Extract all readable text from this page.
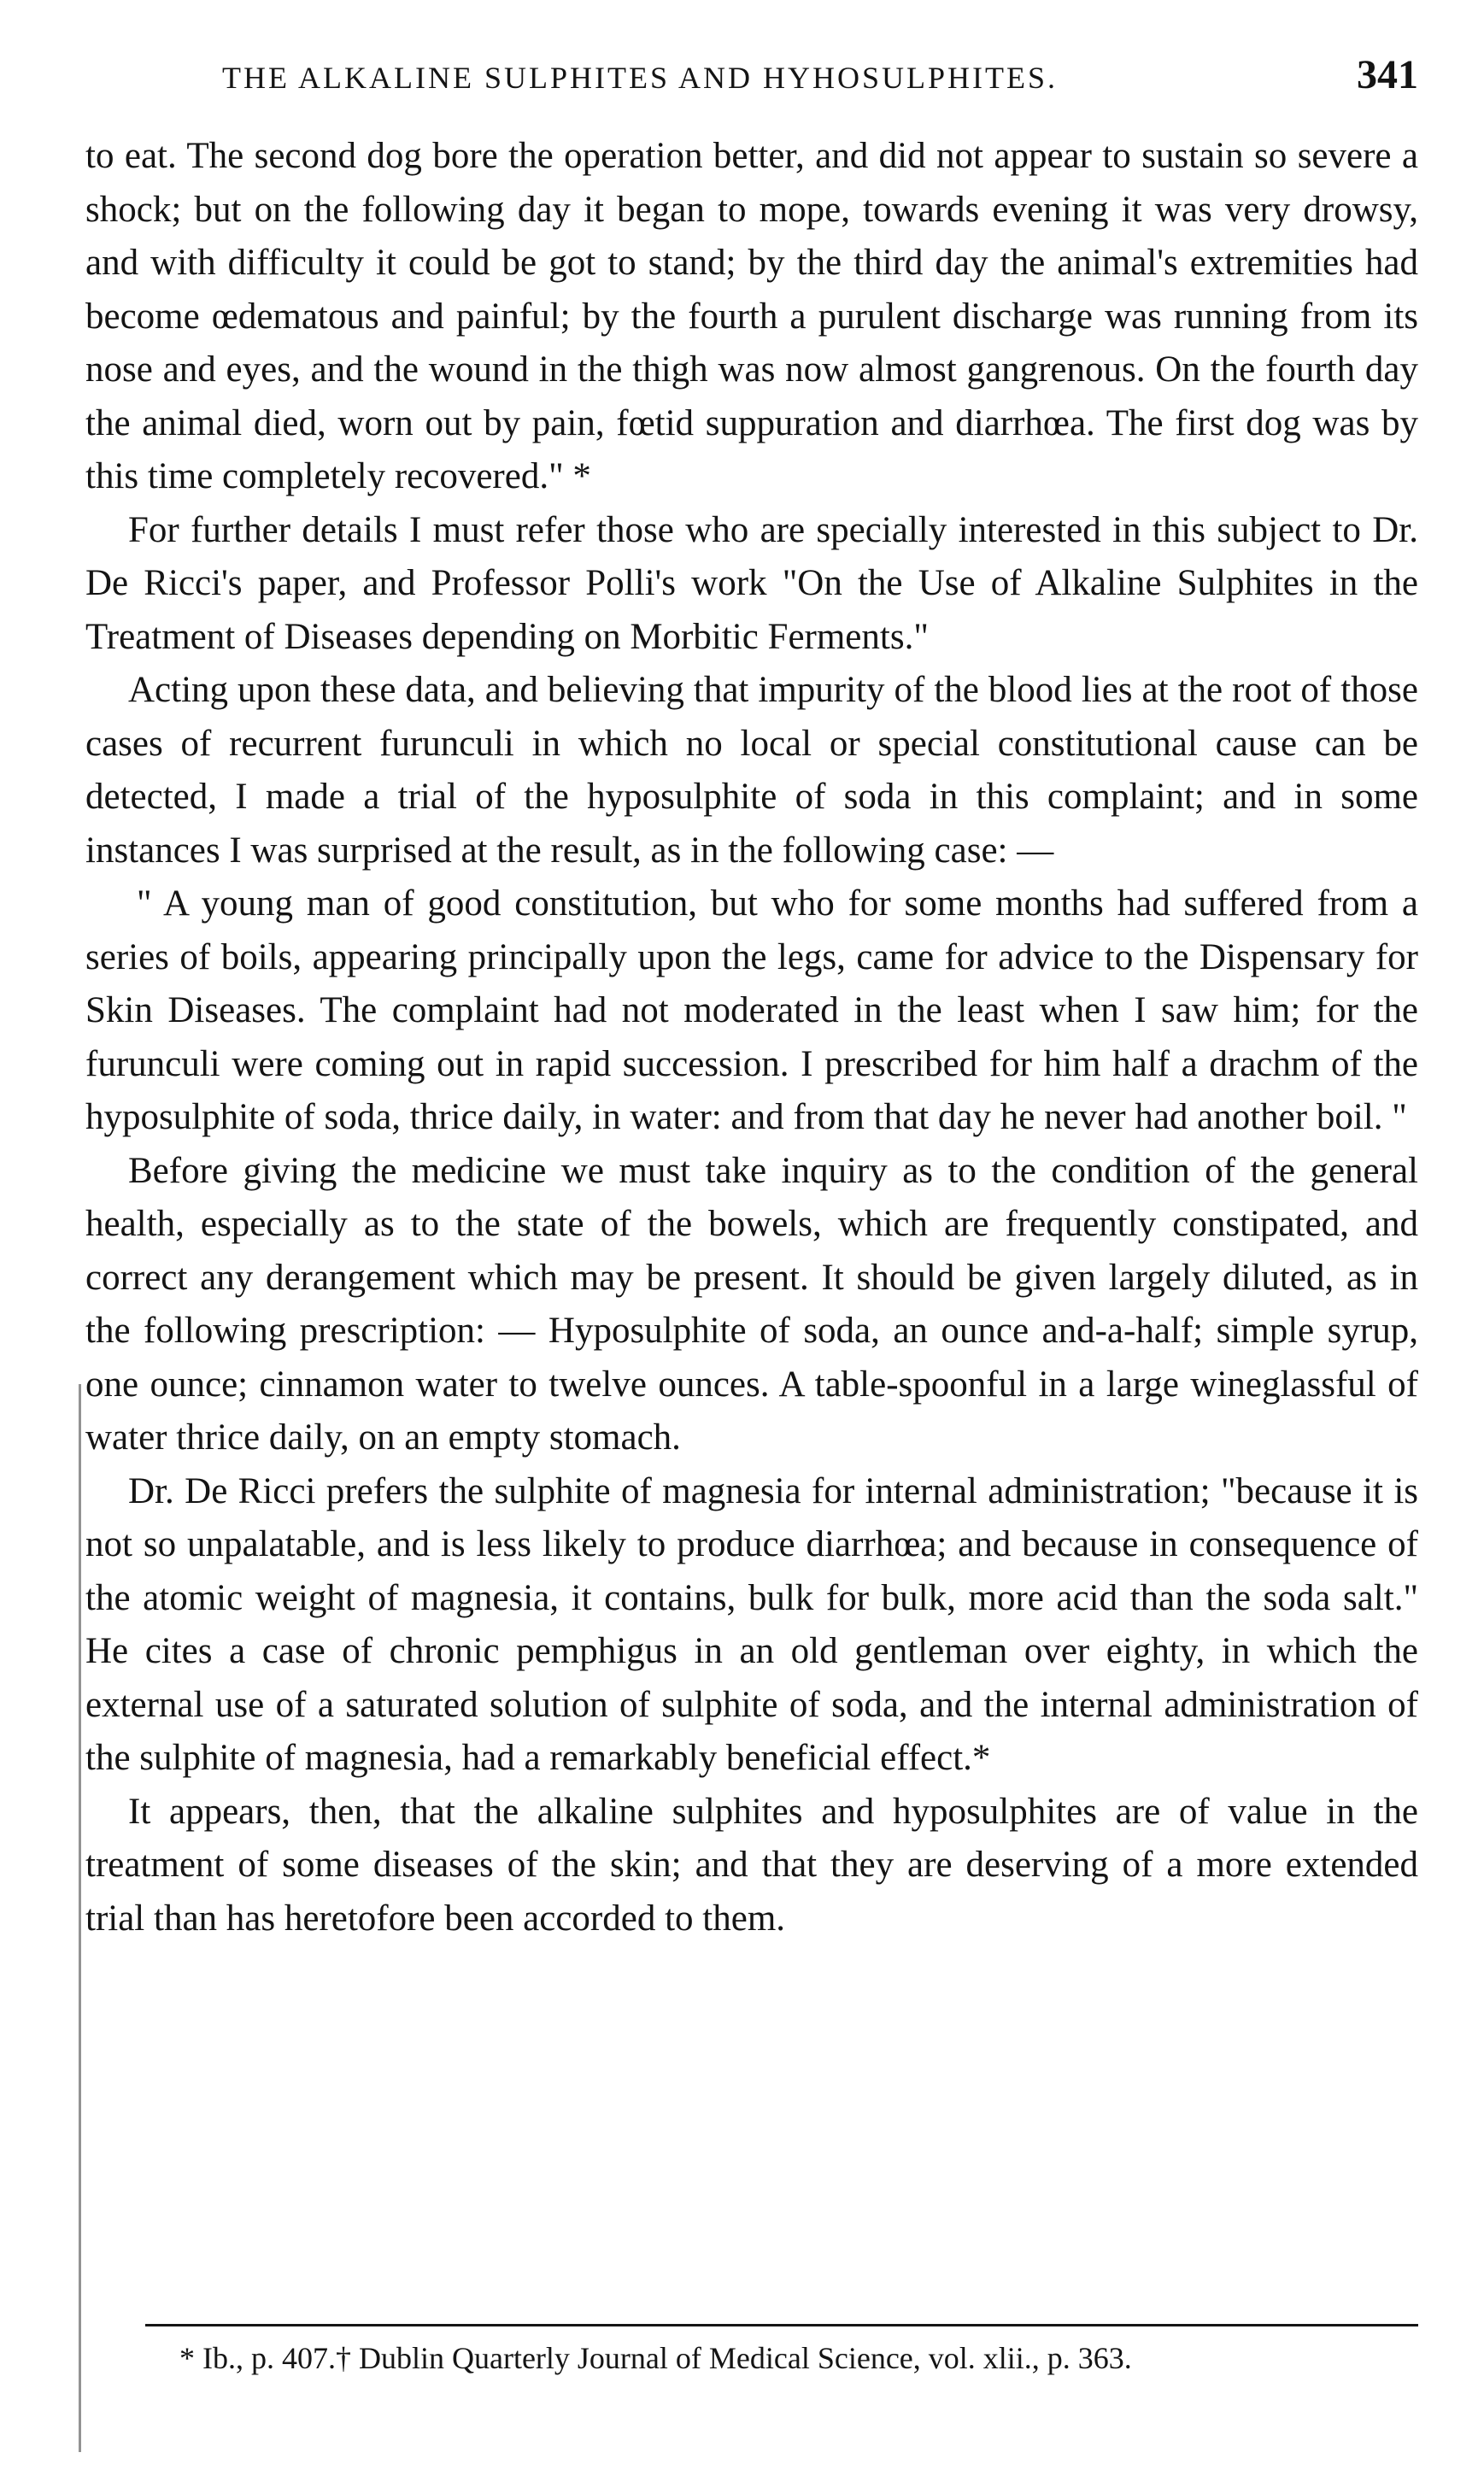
THE ALKALINE SULPHITES AND HYHOSULPHITES.	341

to eat. The second dog bore the operation better, and did not appear to sustain so severe a shock; but on the following day it began to mope, towards evening it was very drowsy, and with difficulty it could be got to stand; by the third day the animal's extremities had become œdematous and painful; by the fourth a purulent discharge was running from its nose and eyes, and the wound in the thigh was now almost gangrenous. On the fourth day the animal died, worn out by pain, fœtid suppuration and diarrhœa. The first dog was by this time completely recovered." *

For further details I must refer those who are specially interested in this subject to Dr. De Ricci's paper, and Professor Polli's work "On the Use of Alkaline Sulphites in the Treatment of Diseases depending on Morbitic Ferments."

Acting upon these data, and believing that impurity of the blood lies at the root of those cases of recurrent furunculi in which no local or special constitutional cause can be detected, I made a trial of the hyposulphite of soda in this complaint; and in some instances I was surprised at the result, as in the following case: —

" A young man of good constitution, but who for some months had suffered from a series of boils, appearing principally upon the legs, came for advice to the Dispensary for Skin Diseases. The complaint had not moderated in the least when I saw him; for the furunculi were coming out in rapid succession. I prescribed for him half a drachm of the hyposulphite of soda, thrice daily, in water: and from that day he never had another boil. "

Before giving the medicine we must take inquiry as to the condition of the general health, especially as to the state of the bowels, which are frequently constipated, and correct any derangement which may be present. It should be given largely diluted, as in the following prescription: — Hyposulphite of soda, an ounce and-a-half; simple syrup, one ounce; cinnamon water to twelve ounces. A table-spoonful in a large wineglassful of water thrice daily, on an empty stomach.

Dr. De Ricci prefers the sulphite of magnesia for internal administration; "because it is not so unpalatable, and is less likely to produce diarrhœa; and because in consequence of the atomic weight of magnesia, it contains, bulk for bulk, more acid than the soda salt." He cites a case of chronic pemphigus in an old gentleman over eighty, in which the external use of a saturated solution of sulphite of soda, and the internal administration of the sulphite of magnesia, had a remarkably beneficial effect.*

It appears, then, that the alkaline sulphites and hyposulphites are of value in the treatment of some diseases of the skin; and that they are deserving of a more extended trial than has heretofore been accorded to them.

* Ib., p. 407.† Dublin Quarterly Journal of Medical Science, vol. xlii., p. 363.
